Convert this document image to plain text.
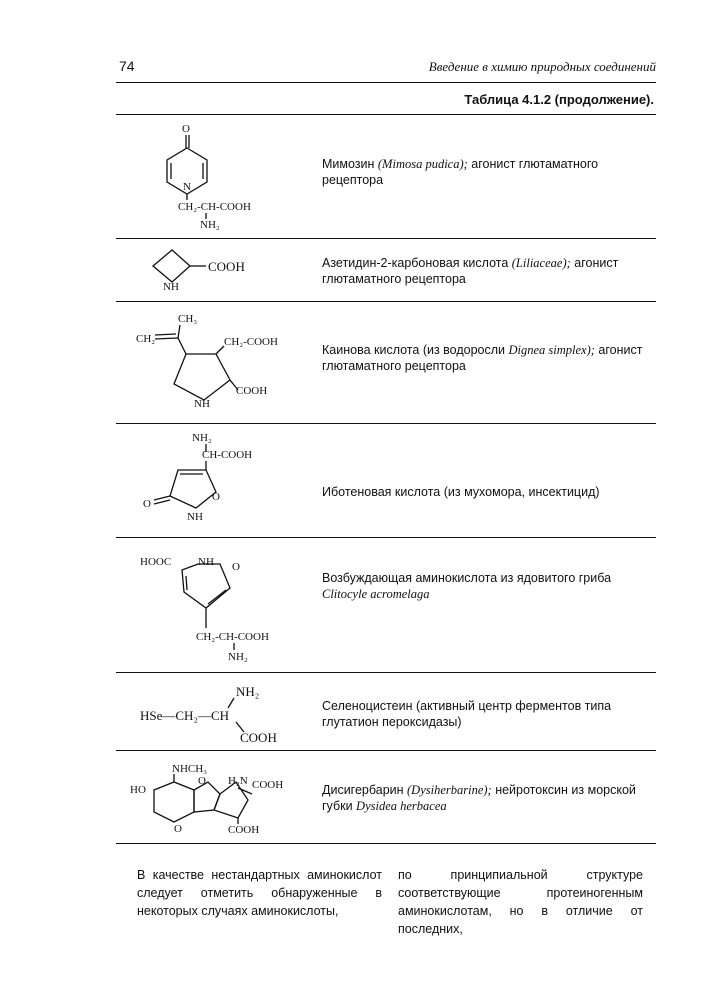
74	Введение в химию природных соединений
Таблица 4.1.2 (продолжение).
O
N
CH₂-CH-COOH
NH₂
Мимозин (Mimosa pudica); агонист глютаматного рецептора
COOH
NH
Азетидин-2-карбоновая кислота (Liliaceae); агонист глютаматного рецептора
CH₃
CH₂	CH₂-COOH
COOH
NH
Каинова кислота (из водоросли Dignea simplex); агонист глютаматного рецептора
NH₂
CH-COOH
O
O
NH
Иботеновая кислота (из мухомора, инсектицид)
HOOC NH O
CH₂-CH-COOH
NH₂
Возбуждающая аминокислота из ядовитого гриба Clitocyle acromelaga
NH₂
HSe—CH₂—CH
COOH
Селеноцистеин (активный центр ферментов типа глутатион пероксидазы)
NHCH₃
HO
O
O
H₂N COOH
COOH
Дисигербарин (Dysiherbarine); нейротоксин из морской губки Dysidea herbacea
В качестве нестандартных аминокислот следует отметить обнаруженные в некоторых случаях аминокислоты,
по принципиальной структуре соответствующие протеиногенным аминокислотам, но в отличие от последних,
